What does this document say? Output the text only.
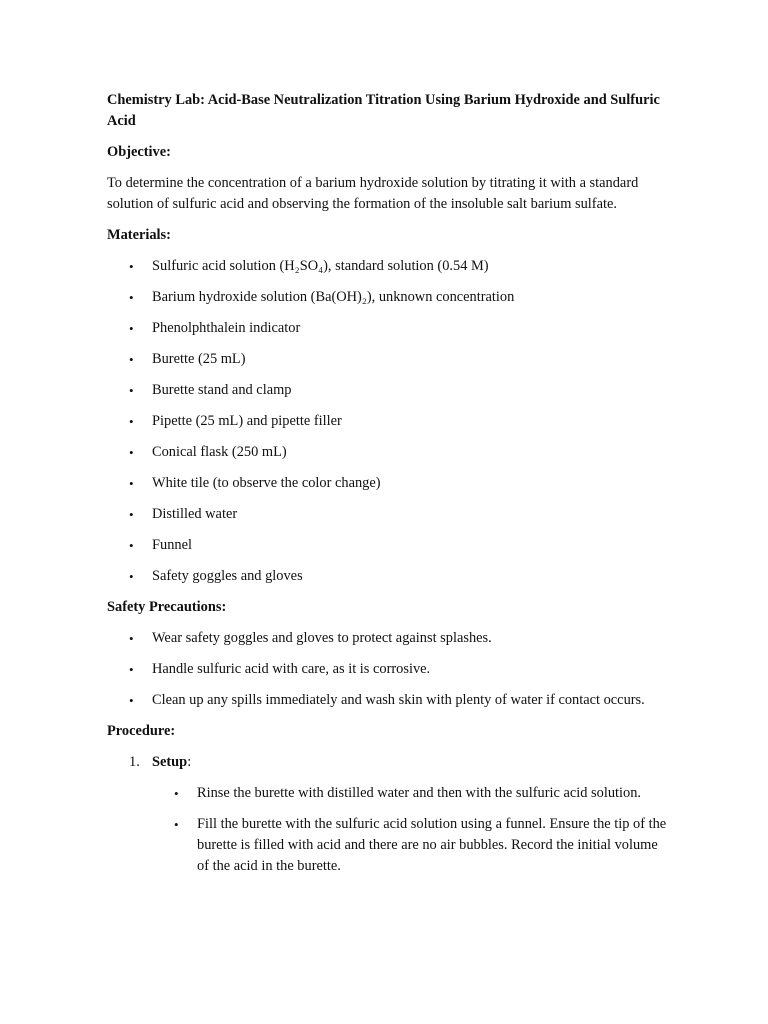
Chemistry Lab: Acid-Base Neutralization Titration Using Barium Hydroxide and Sulfuric Acid
Objective:
To determine the concentration of a barium hydroxide solution by titrating it with a standard solution of sulfuric acid and observing the formation of the insoluble salt barium sulfate.
Materials:
• Sulfuric acid solution (H₂SO₄), standard solution (0.54 M)
• Barium hydroxide solution (Ba(OH)₂), unknown concentration
• Phenolphthalein indicator
• Burette (25 mL)
• Burette stand and clamp
• Pipette (25 mL) and pipette filler
• Conical flask (250 mL)
• White tile (to observe the color change)
• Distilled water
• Funnel
• Safety goggles and gloves
Safety Precautions:
• Wear safety goggles and gloves to protect against splashes.
• Handle sulfuric acid with care, as it is corrosive.
• Clean up any spills immediately and wash skin with plenty of water if contact occurs.
Procedure:
1. Setup:
• Rinse the burette with distilled water and then with the sulfuric acid solution.
• Fill the burette with the sulfuric acid solution using a funnel. Ensure the tip of the burette is filled with acid and there are no air bubbles. Record the initial volume of the acid in the burette.
